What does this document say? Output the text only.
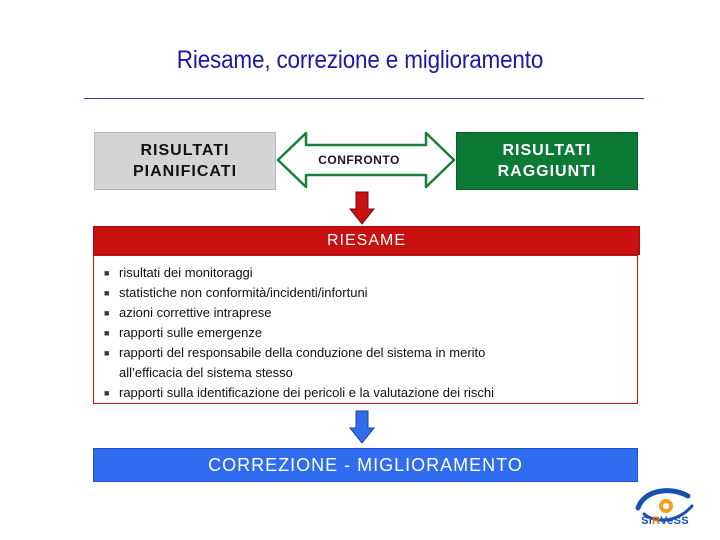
Riesame, correzione e miglioramento
RISULTATI
PIANIFICATI
CONFRONTO
RISULTATI
RAGGIUNTI
RIESAME
■ risultati dei monitoraggi
■ statistiche non conformità/incidenti/infortuni
■ azioni correttive intraprese
■ rapporti sulle emergenze
■ rapporti del responsabile della conduzione del sistema in merito
all’efficacia del sistema stesso
■ rapporti sulla identificazione dei pericoli e la valutazione dei rischi
CORREZIONE - MIGLIORAMENTO
SiRVeSS
